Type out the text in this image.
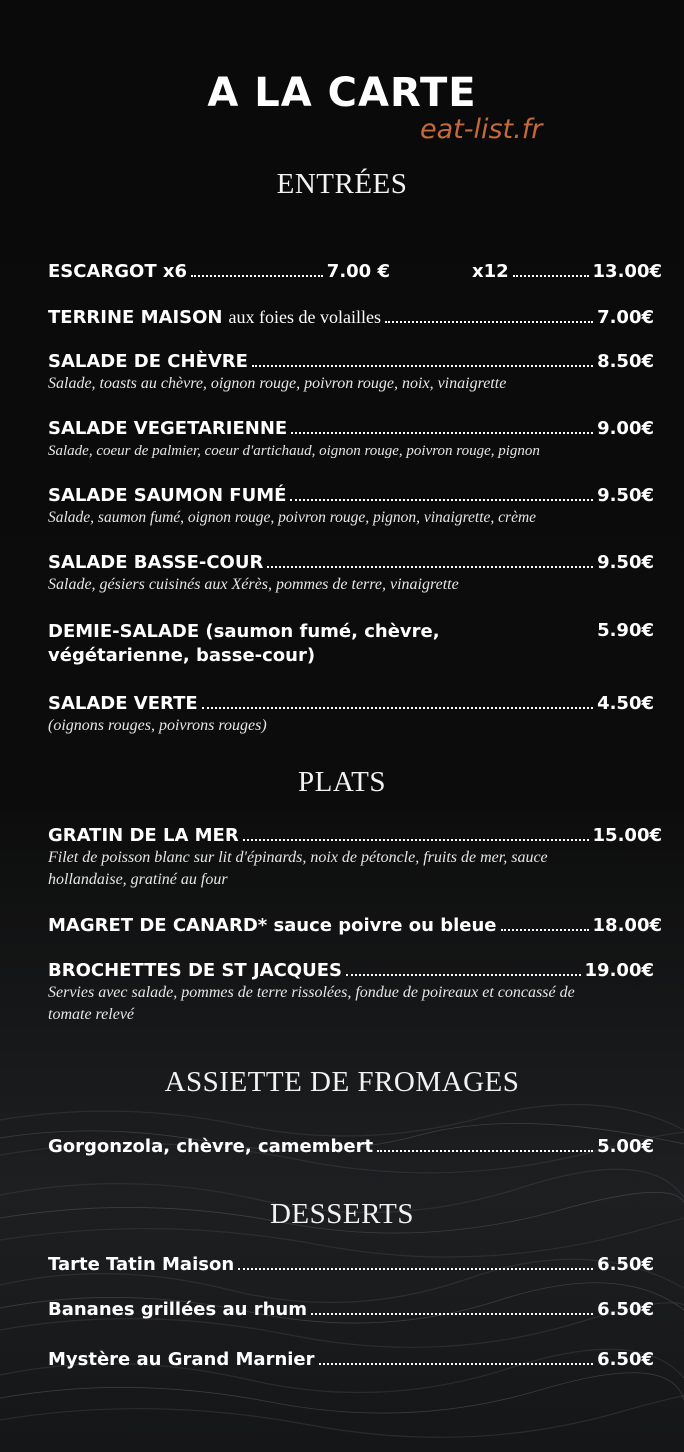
A LA CARTE
eat-list.fr
ENTRÉES
ESCARGOT x6	7.00 €	x12	13.00€
TERRINE MAISON aux foies de volailles	7.00€
SALADE DE CHÈVRE	8.50€
Salade, toasts au chèvre, oignon rouge, poivron rouge, noix, vinaigrette
SALADE VEGETARIENNE	9.00€
Salade, coeur de palmier, coeur d'artichaud, oignon rouge, poivron rouge, pignon
SALADE SAUMON FUMÉ	9.50€
Salade, saumon fumé, oignon rouge, poivron rouge, pignon, vinaigrette, crème
SALADE BASSE-COUR	9.50€
Salade, gésiers cuisinés aux Xérès, pommes de terre, vinaigrette
DEMIE-SALADE (saumon fumé, chèvre, végétarienne, basse-cour)
5.90€
SALADE VERTE	4.50€
(oignons rouges, poivrons rouges)
PLATS
GRATIN DE LA MER	15.00€
Filet de poisson blanc sur lit d'épinards, noix de pétoncle, fruits de mer, sauce hollandaise, gratiné au four
MAGRET DE CANARD* sauce poivre ou bleue	18.00€
BROCHETTES DE ST JACQUES	19.00€
Servies avec salade, pommes de terre rissolées, fondue de poireaux et concassé de tomate relevé
ASSIETTE DE FROMAGES
Gorgonzola, chèvre, camembert	5.00€
DESSERTS
Tarte Tatin Maison	6.50€
Bananes grillées au rhum	6.50€
Mystère au Grand Marnier	6.50€
